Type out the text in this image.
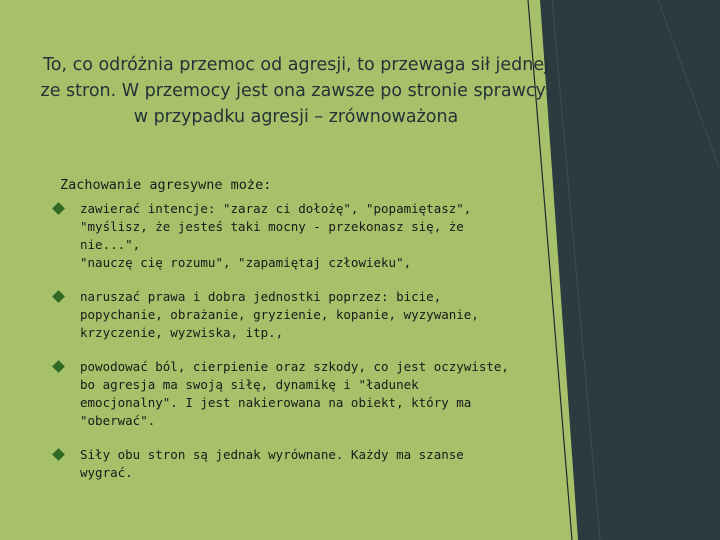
To, co odróżnia przemoc od agresji, to przewaga sił jednej ze stron. W przemocy jest ona zawsze po stronie sprawcy, w przypadku agresji – zrównoważona
Zachowanie agresywne może:
zawierać intencje: "zaraz ci dołożę", "popamiętasz",
"myślisz, że jesteś taki mocny - przekonasz się, że nie...",
"nauczę cię rozumu", "zapamiętaj człowieku",
naruszać prawa i dobra jednostki poprzez: bicie,
popychanie, obrażanie, gryzienie, kopanie, wyzywanie,
krzyczenie, wyzwiska, itp.,
powodować ból, cierpienie oraz szkody, co jest oczywiste,
bo agresja ma swoją siłę, dynamikę i "ładunek
emocjonalny". I jest nakierowana na obiekt, który ma
"oberwać".
Siły obu stron są jednak wyrównane. Każdy ma szanse
wygrać.
